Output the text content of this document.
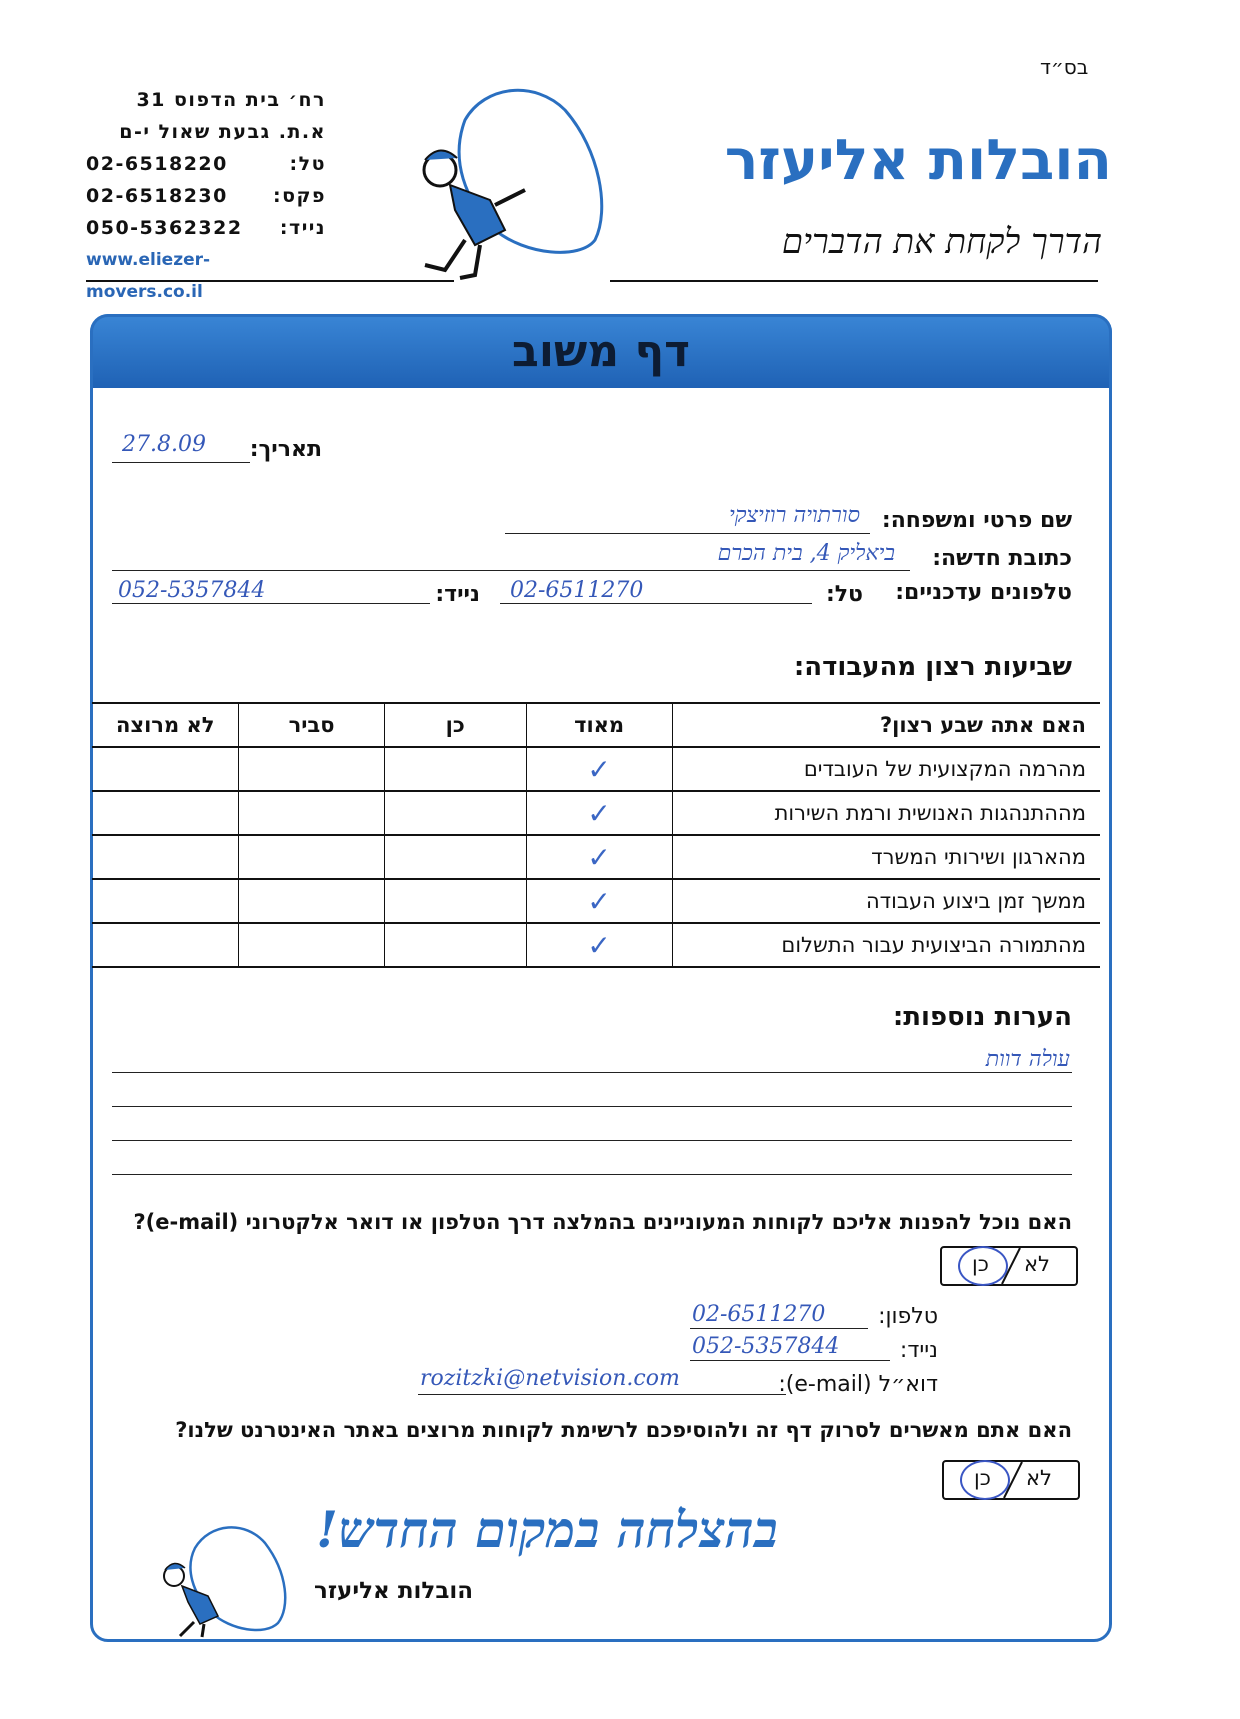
בס״ד
רח׳ בית הדפוס 31
א.ת. גבעת שאול י-ם
02-6518220	טל:
02-6518230 פקס:
050-5362322 נייד:
www.eliezer-movers.co.il
הובלות אליעזר
הדרך לקחת את הדברים
דף משוב
תאריך:
27.8.09
שם פרטי ומשפחה:
סורתויה רוזיצקי
כתובת חדשה:
ביאליק 4, בית הכרם
טלפונים עדכניים:
טל:
02-6511270
נייד:
052-5357844
שביעות רצון מהעבודה:
האם אתה שבע רצון?	מאוד	כן	סביר	לא מרוצה
מהרמה המקצועית של העובדים	✓			
מההתנהגות האנושית ורמת השירות	✓			
מהארגון ושירותי המשרד	✓			
ממשך זמן ביצוע העבודה	✓			
מהתמורה הביצועית עבור התשלום	✓			
הערות נוספות:
עולה דוות
האם נוכל להפנות אליכם לקוחות המעוניינים בהמלצה דרך הטלפון או דואר אלקטרוני (e-mail)?
לא
כן
טלפון:
02-6511270
נייד:
052-5357844
דוא״ל (e-mail):
rozitzki@netvision.com
האם אתם מאשרים לסרוק דף זה ולהוסיפכם לרשימת לקוחות מרוצים באתר האינטרנט שלנו?
לא
כן
בהצלחה במקום החדש!
הובלות אליעזר
